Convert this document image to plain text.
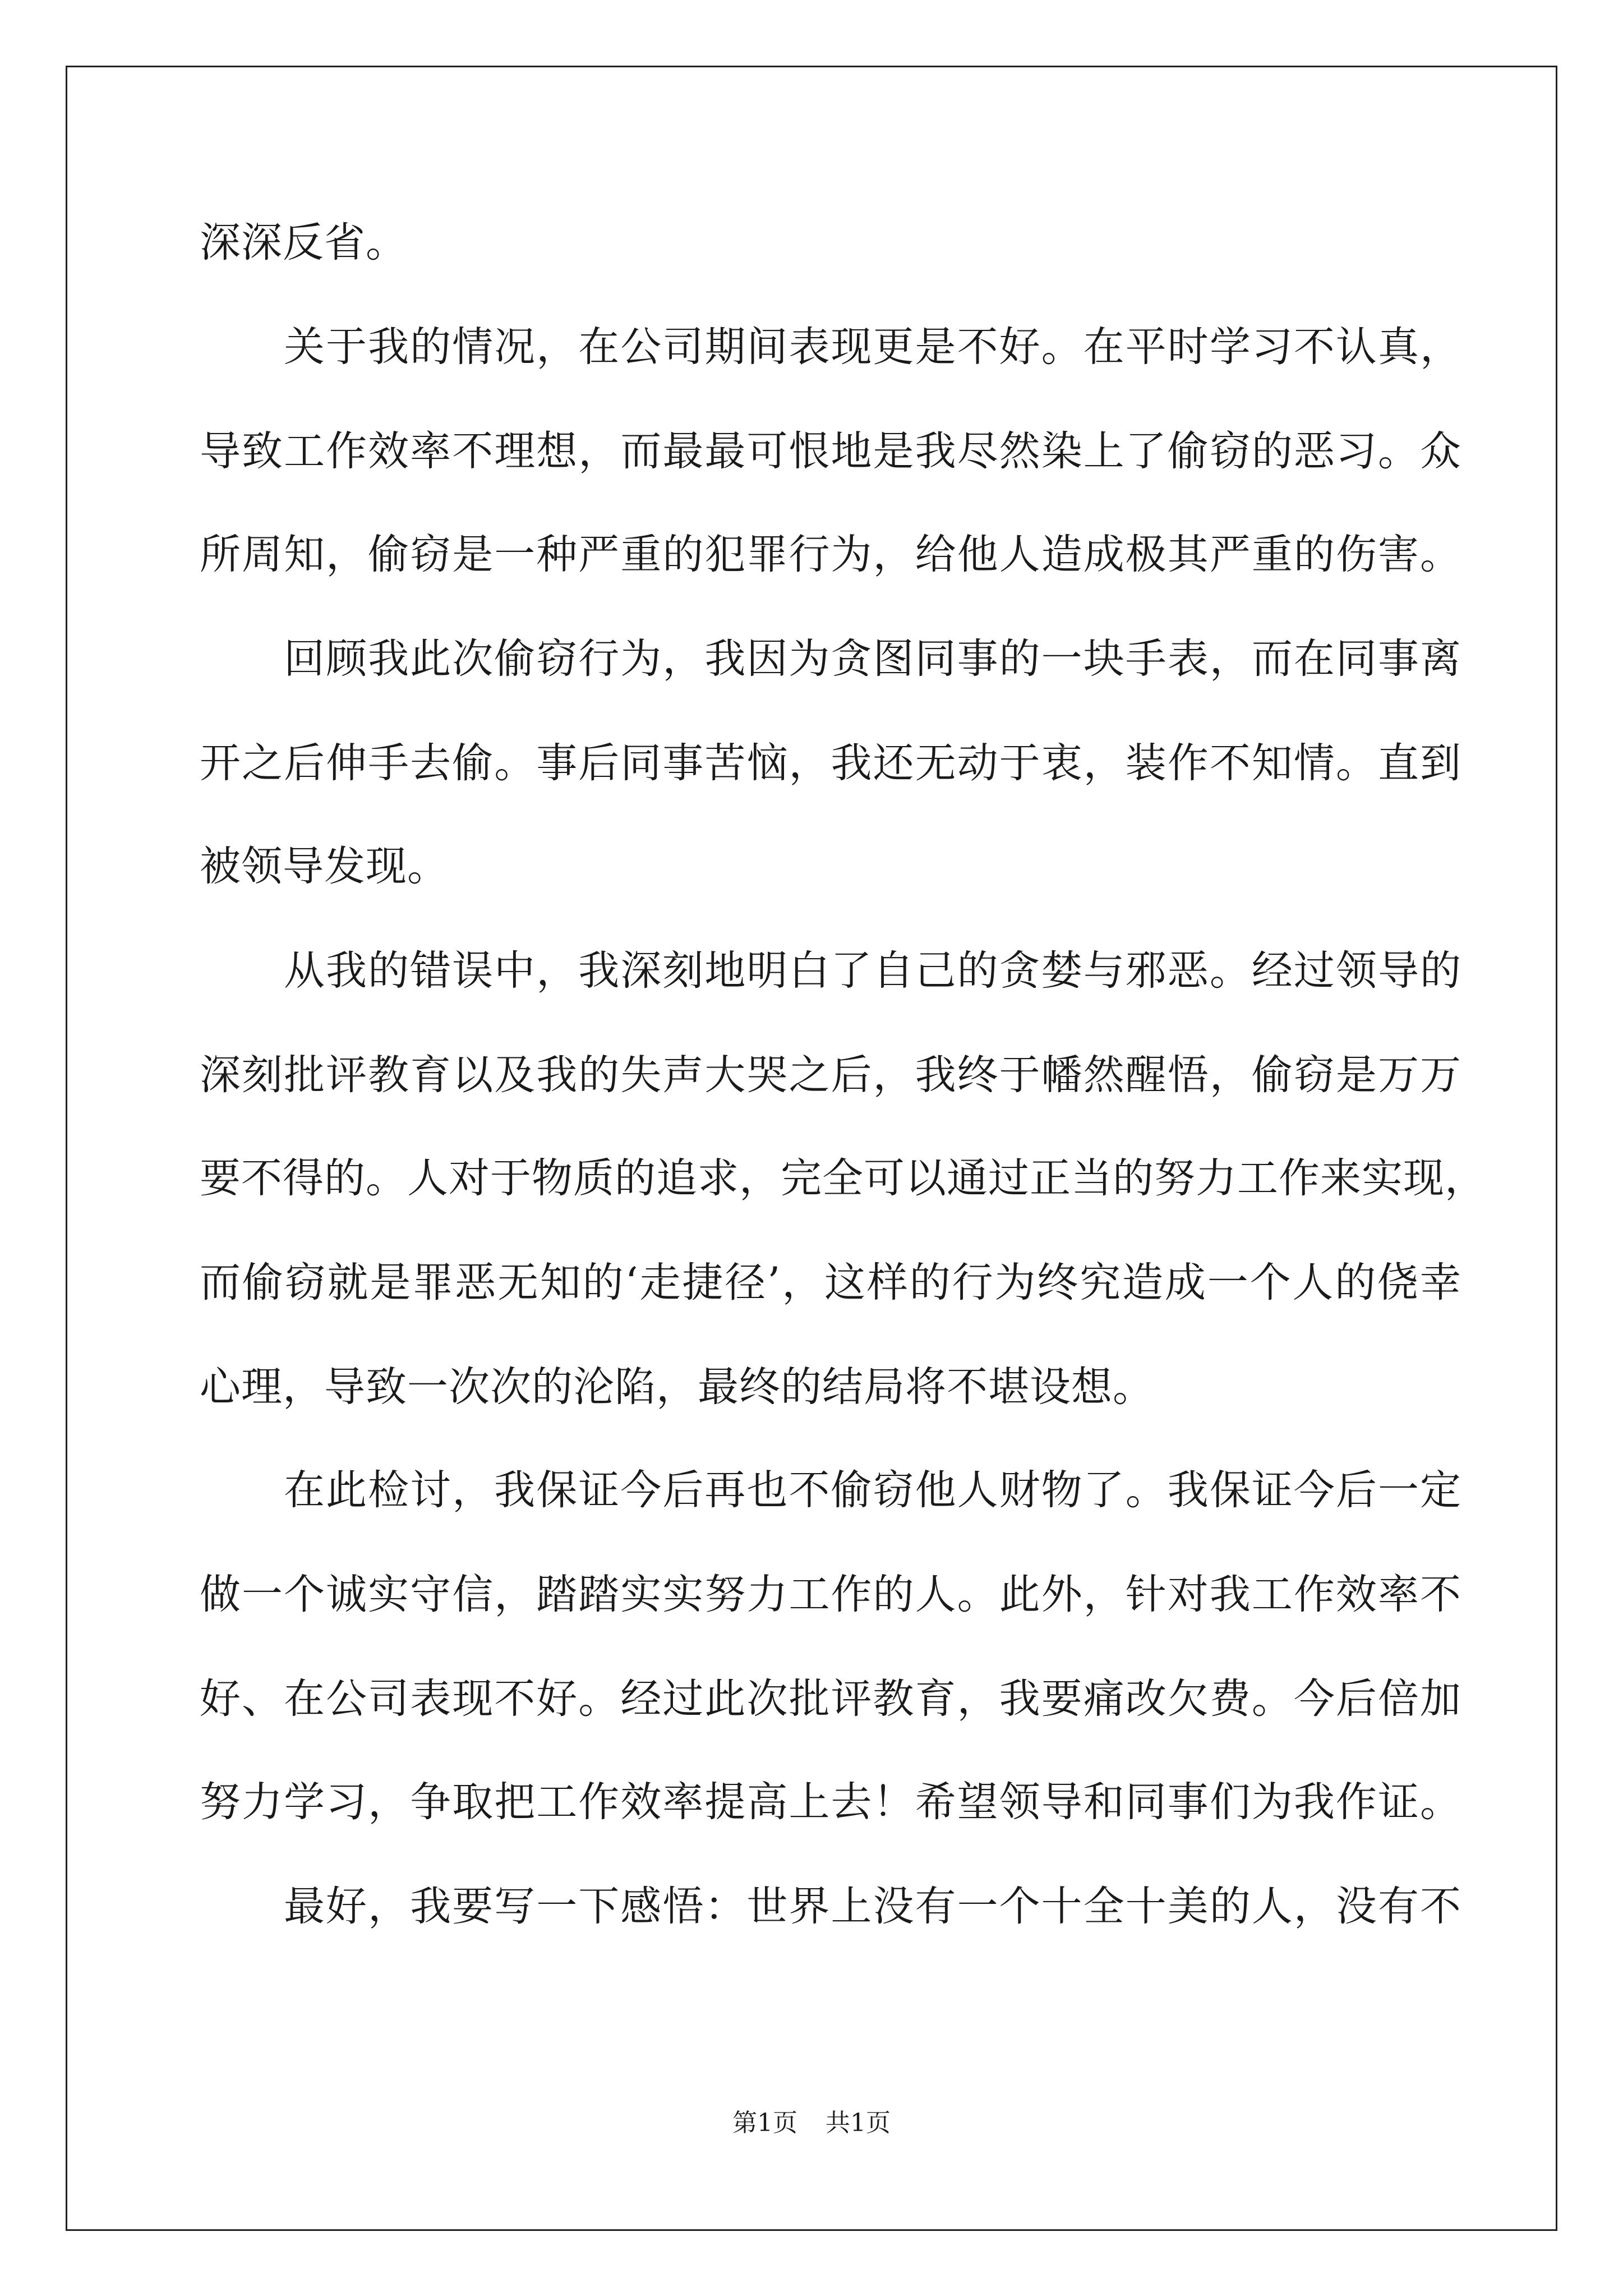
深深反省。
关于我的情况，在公司期间表现更是不好。在平时学习不认真，
导致工作效率不理想，而最最可恨地是我尽然染上了偷窃的恶习。众
所周知，偷窃是一种严重的犯罪行为，给他人造成极其严重的伤害。
回顾我此次偷窃行为，我因为贪图同事的一块手表，而在同事离
开之后伸手去偷。事后同事苦恼，我还无动于衷，装作不知情。直到
被领导发现。
从我的错误中，我深刻地明白了自己的贪婪与邪恶。经过领导的
深刻批评教育以及我的失声大哭之后，我终于幡然醒悟，偷窃是万万
要不得的。人对于物质的追求，完全可以通过正当的努力工作来实现，
而偷窃就是罪恶无知的‘走捷径’，这样的行为终究造成一个人的侥幸
心理，导致一次次的沦陷，最终的结局将不堪设想。
在此检讨，我保证今后再也不偷窃他人财物了。我保证今后一定
做一个诚实守信，踏踏实实努力工作的人。此外，针对我工作效率不
好、在公司表现不好。经过此次批评教育，我要痛改欠费。今后倍加
努力学习，争取把工作效率提高上去！希望领导和同事们为我作证。
最好，我要写一下感悟：世界上没有一个十全十美的人，没有不
第1页 共1页
